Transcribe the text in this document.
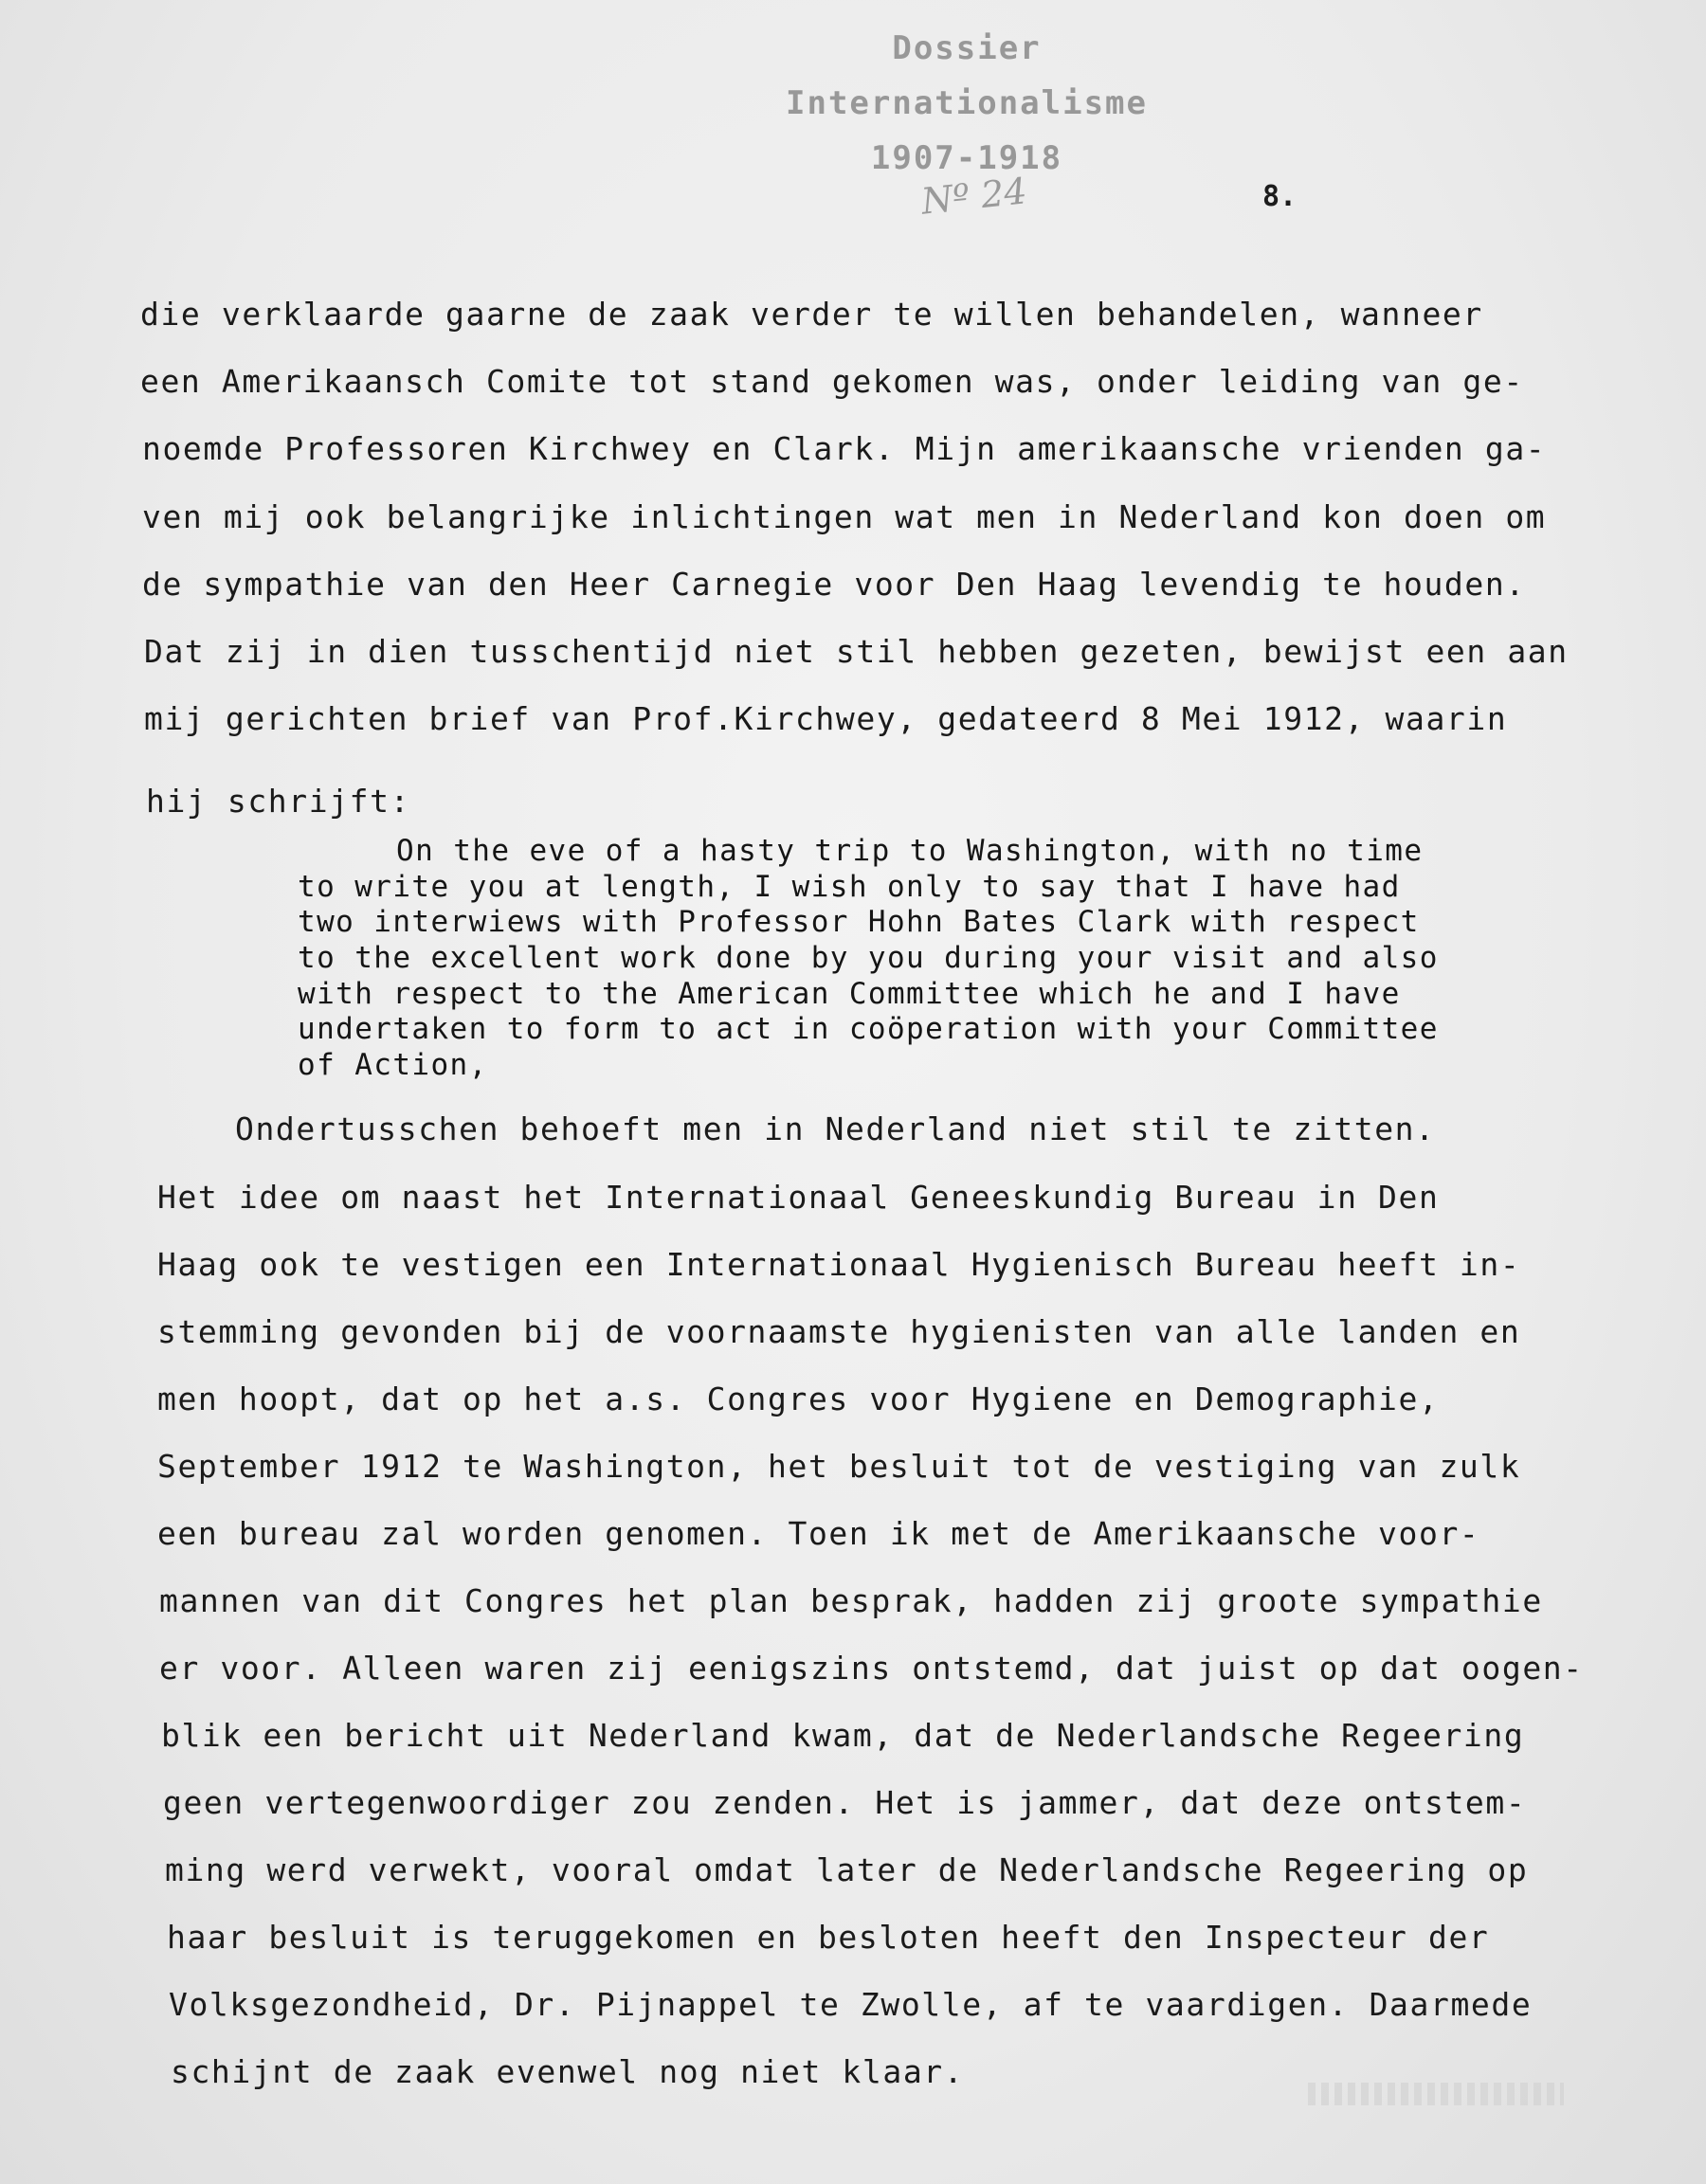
Dossier
Internationalisme
1907-1918
Nº 24	8.
die verklaarde gaarne de zaak verder te willen behandelen, wanneer
een Amerikaansch Comite tot stand gekomen was, onder leiding van ge-
noemde Professoren Kirchwey en Clark. Mijn amerikaansche vrienden ga-
ven mij ook belangrijke inlichtingen wat men in Nederland kon doen om
de sympathie van den Heer Carnegie voor Den Haag levendig te houden.
Dat zij in dien tusschentijd niet stil hebben gezeten, bewijst een aan
mij gerichten brief van Prof.Kirchwey, gedateerd 8 Mei 1912, waarin
hij schrijft:
On the eve of a hasty trip to Washington, with no time
to write you at length, I wish only to say that I have had
two interwiews with Professor Hohn Bates Clark with respect
to the excellent work done by you during your visit and also
with respect to the American Committee which he and I have
undertaken to form to act in coöperation with your Committee
of Action,
Ondertusschen behoeft men in Nederland niet stil te zitten.
Het idee om naast het Internationaal Geneeskundig Bureau in Den
Haag ook te vestigen een Internationaal Hygienisch Bureau heeft in-
stemming gevonden bij de voornaamste hygienisten van alle landen en
men hoopt, dat op het a.s. Congres voor Hygiene en Demographie,
September 1912 te Washington, het besluit tot de vestiging van zulk
een bureau zal worden genomen. Toen ik met de Amerikaansche voor-
mannen van dit Congres het plan besprak, hadden zij groote sympathie
er voor. Alleen waren zij eenigszins ontstemd, dat juist op dat oogen-
blik een bericht uit Nederland kwam, dat de Nederlandsche Regeering
geen vertegenwoordiger zou zenden. Het is jammer, dat deze ontstem-
ming werd verwekt, vooral omdat later de Nederlandsche Regeering op
haar besluit is teruggekomen en besloten heeft den Inspecteur der
Volksgezondheid, Dr. Pijnappel te Zwolle, af te vaardigen. Daarmede
schijnt de zaak evenwel nog niet klaar.
